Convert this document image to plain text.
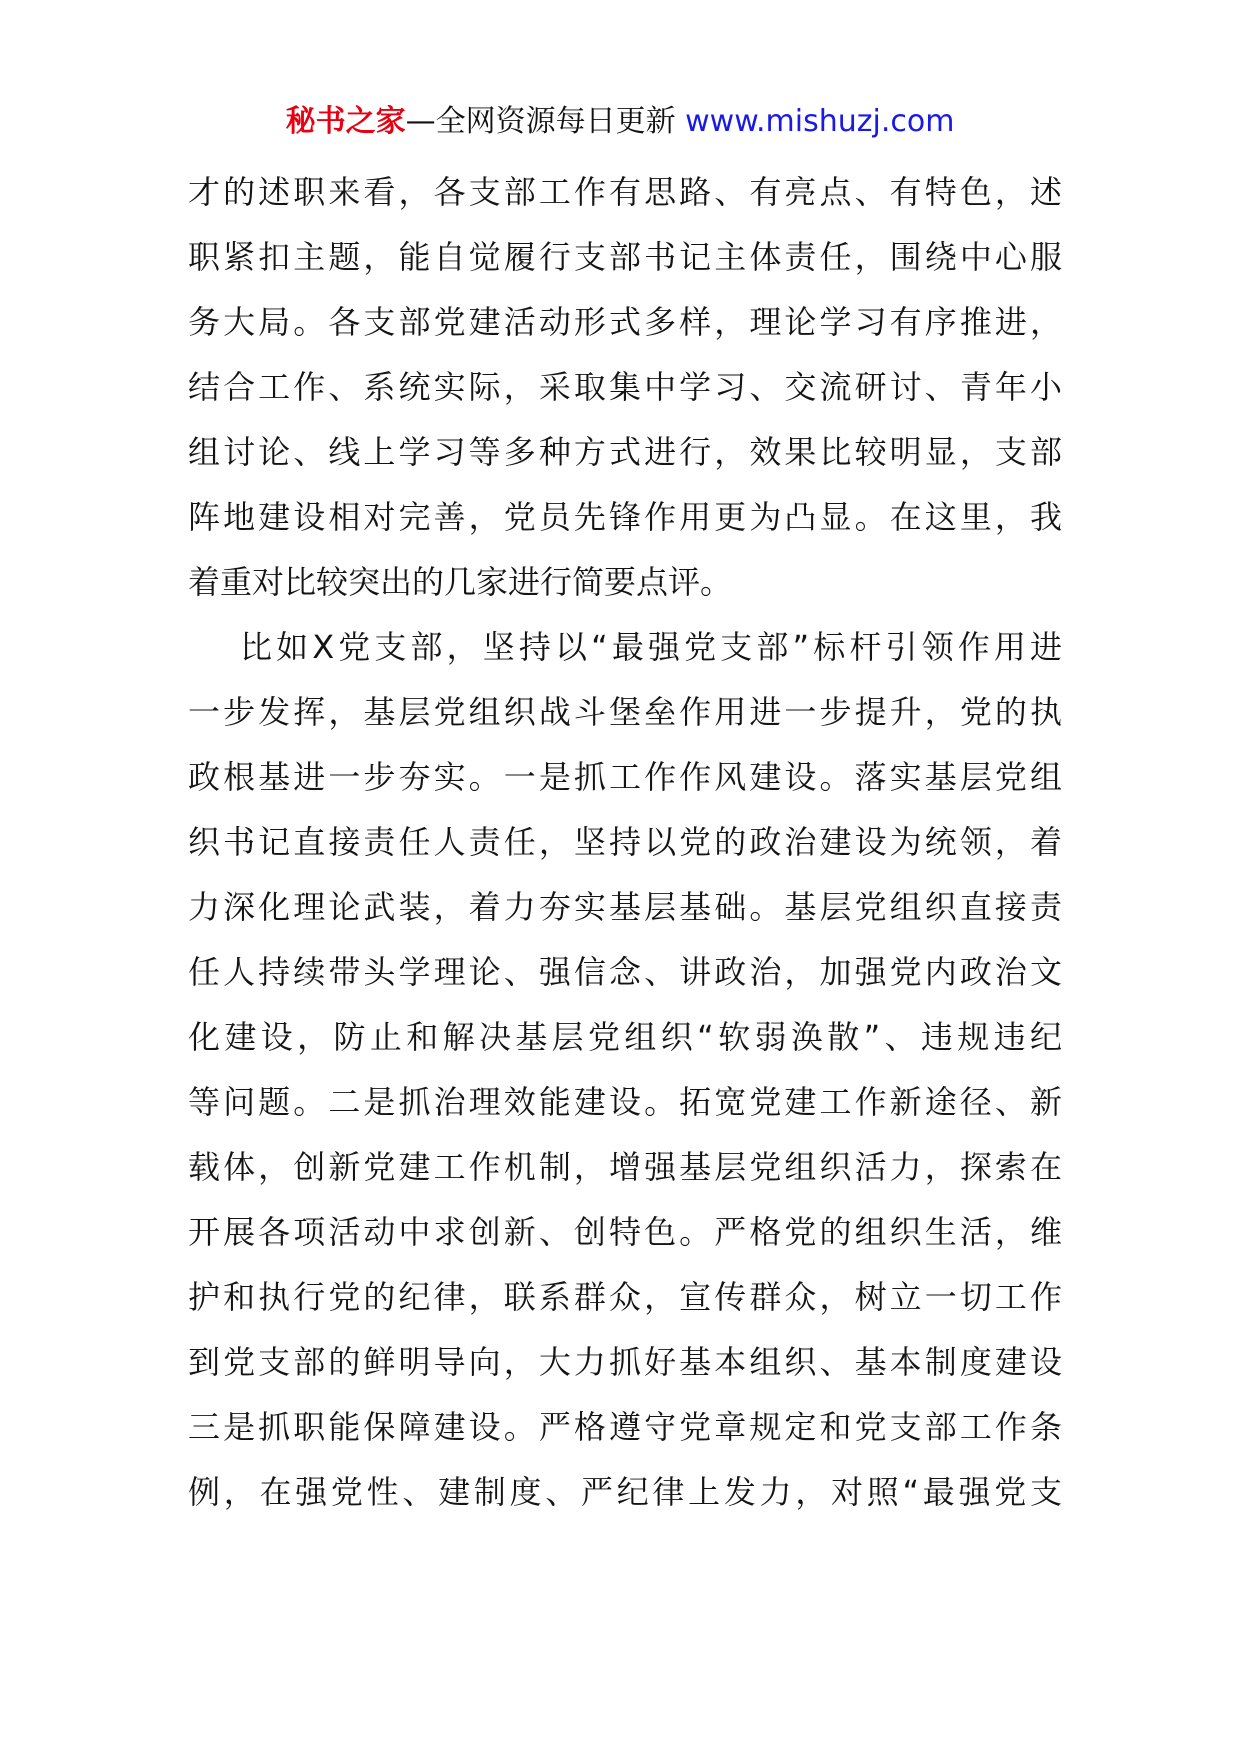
秘书之家—全网资源每日更新 www.mishuzj.com
才的述职来看，各支部工作有思路、有亮点、有特色，述
职紧扣主题，能自觉履行支部书记主体责任，围绕中心服
务大局。各支部党建活动形式多样，理论学习有序推进，
结合工作、系统实际，采取集中学习、交流研讨、青年小
组讨论、线上学习等多种方式进行，效果比较明显，支部
阵地建设相对完善，党员先锋作用更为凸显。在这里，我
着重对比较突出的几家进行简要点评。
比如X党支部，坚持以“最强党支部”标杆引领作用进
一步发挥，基层党组织战斗堡垒作用进一步提升，党的执
政根基进一步夯实。一是抓工作作风建设。落实基层党组
织书记直接责任人责任，坚持以党的政治建设为统领，着
力深化理论武装，着力夯实基层基础。基层党组织直接责
任人持续带头学理论、强信念、讲政治，加强党内政治文
化建设，防止和解决基层党组织“软弱涣散”、违规违纪
等问题。二是抓治理效能建设。拓宽党建工作新途径、新
载体，创新党建工作机制，增强基层党组织活力，探索在
开展各项活动中求创新、创特色。严格党的组织生活，维
护和执行党的纪律，联系群众，宣传群众，树立一切工作
到党支部的鲜明导向，大力抓好基本组织、基本制度建设
三是抓职能保障建设。严格遵守党章规定和党支部工作条
例，在强党性、建制度、严纪律上发力，对照“最强党支
